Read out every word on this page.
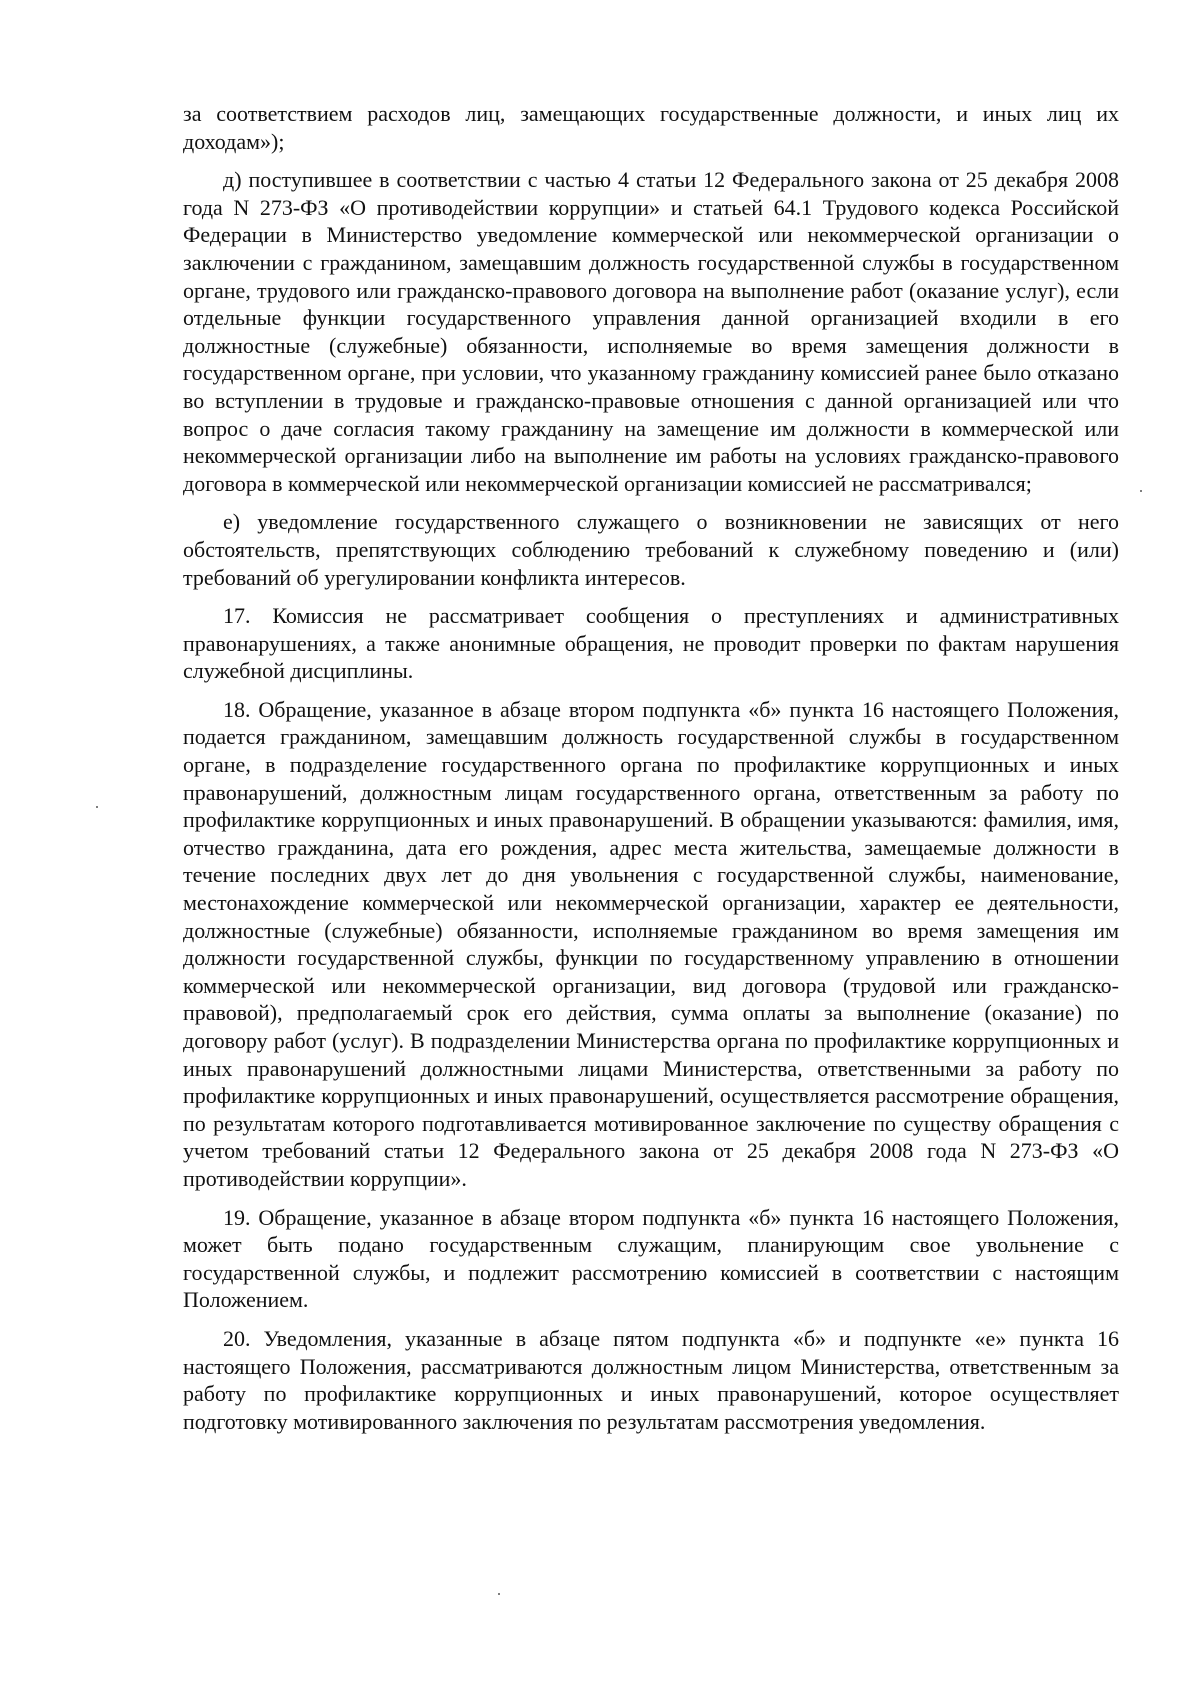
за соответствием расходов лиц, замещающих государственные должности, и иных лиц их доходам»);

д) поступившее в соответствии с частью 4 статьи 12 Федерального закона от 25 декабря 2008 года N 273-ФЗ «О противодействии коррупции» и статьей 64.1 Трудового кодекса Российской Федерации в Министерство уведомление коммерческой или некоммерческой организации о заключении с гражданином, замещавшим должность государственной службы в государственном органе, трудового или гражданско-правового договора на выполнение работ (оказание услуг), если отдельные функции государственного управления данной организацией входили в его должностные (служебные) обязанности, исполняемые во время замещения должности в государственном органе, при условии, что указанному гражданину комиссией ранее было отказано во вступлении в трудовые и гражданско-правовые отношения с данной организацией или что вопрос о даче согласия такому гражданину на замещение им должности в коммерческой или некоммерческой организации либо на выполнение им работы на условиях гражданско-правового договора в коммерческой или некоммерческой организации комиссией не рассматривался;

е) уведомление государственного служащего о возникновении не зависящих от него обстоятельств, препятствующих соблюдению требований к служебному поведению и (или) требований об урегулировании конфликта интересов.

17. Комиссия не рассматривает сообщения о преступлениях и административных правонарушениях, а также анонимные обращения, не проводит проверки по фактам нарушения служебной дисциплины.

18. Обращение, указанное в абзаце втором подпункта «б» пункта 16 настоящего Положения, подается гражданином, замещавшим должность государственной службы в государственном органе, в подразделение государственного органа по профилактике коррупционных и иных правонарушений, должностным лицам государственного органа, ответственным за работу по профилактике коррупционных и иных правонарушений. В обращении указываются: фамилия, имя, отчество гражданина, дата его рождения, адрес места жительства, замещаемые должности в течение последних двух лет до дня увольнения с государственной службы, наименование, местонахождение коммерческой или некоммерческой организации, характер ее деятельности, должностные (служебные) обязанности, исполняемые гражданином во время замещения им должности государственной службы, функции по государственному управлению в отношении коммерческой или некоммерческой организации, вид договора (трудовой или гражданско-правовой), предполагаемый срок его действия, сумма оплаты за выполнение (оказание) по договору работ (услуг). В подразделении Министерства органа по профилактике коррупционных и иных правонарушений должностными лицами Министерства, ответственными за работу по профилактике коррупционных и иных правонарушений, осуществляется рассмотрение обращения, по результатам которого подготавливается мотивированное заключение по существу обращения с учетом требований статьи 12 Федерального закона от 25 декабря 2008 года N 273-ФЗ «О противодействии коррупции».

19. Обращение, указанное в абзаце втором подпункта «б» пункта 16 настоящего Положения, может быть подано государственным служащим, планирующим свое увольнение с государственной службы, и подлежит рассмотрению комиссией в соответствии с настоящим Положением.

20. Уведомления, указанные в абзаце пятом подпункта «б» и подпункте «е» пункта 16 настоящего Положения, рассматриваются должностным лицом Министерства, ответственным за работу по профилактике коррупционных и иных правонарушений, которое осуществляет подготовку мотивированного заключения по результатам рассмотрения уведомления.
